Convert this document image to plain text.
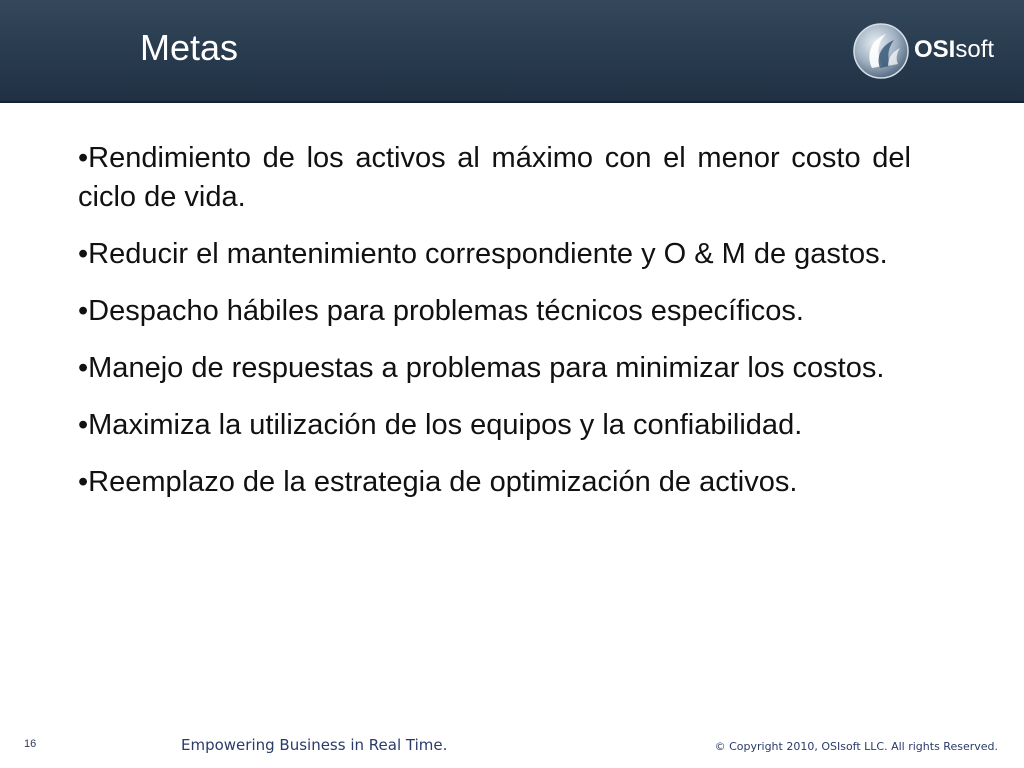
Metas	OSIsoft

•Rendimiento de los activos al máximo con el menor costo del ciclo de vida.

•Reducir el mantenimiento correspondiente y O & M de gastos.

•Despacho hábiles para problemas técnicos específicos.

•Manejo de respuestas a problemas para minimizar los costos.

•Maximiza la utilización de los equipos y la confiabilidad.

•Reemplazo de la estrategia de optimización de activos.

16	Empowering Business in Real Time.	© Copyright 2010, OSIsoft LLC. All rights Reserved.
